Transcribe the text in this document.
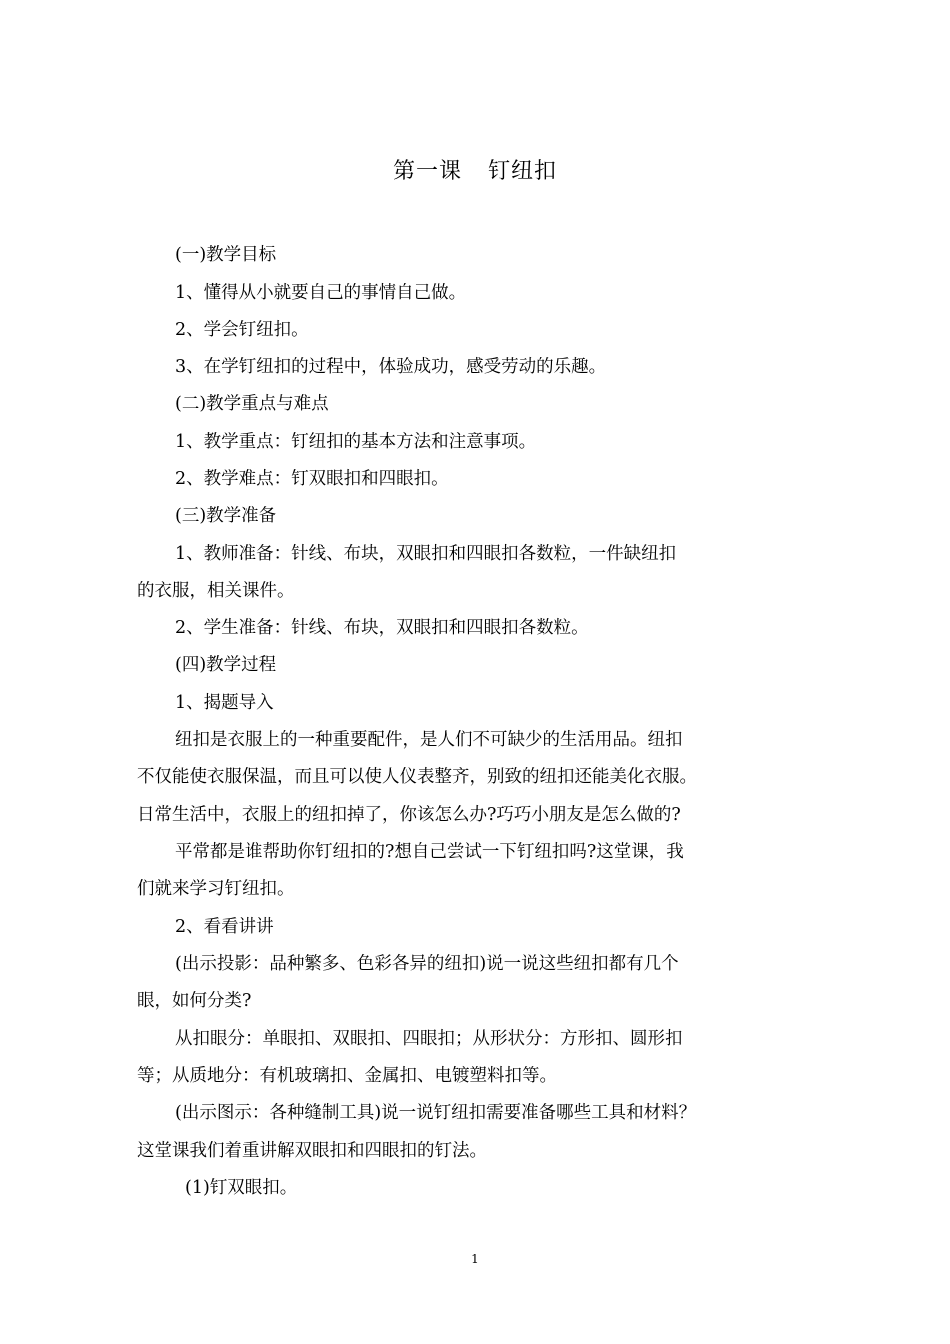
第一课 钉纽扣
(一)教学目标
1、懂得从小就要自己的事情自己做。
2、学会钉纽扣。
3、在学钉纽扣的过程中，体验成功，感受劳动的乐趣。
(二)教学重点与难点
1、教学重点：钉纽扣的基本方法和注意事项。
2、教学难点：钉双眼扣和四眼扣。
(三)教学准备
1、教师准备：针线、布块，双眼扣和四眼扣各数粒，一件缺纽扣
的衣服，相关课件。
2、学生准备：针线、布块，双眼扣和四眼扣各数粒。
(四)教学过程
1、揭题导入
纽扣是衣服上的一种重要配件，是人们不可缺少的生活用品。纽扣
不仅能使衣服保温，而且可以使人仪表整齐，别致的纽扣还能美化衣服。
日常生活中，衣服上的纽扣掉了，你该怎么办?巧巧小朋友是怎么做的?
平常都是谁帮助你钉纽扣的?想自己尝试一下钉纽扣吗?这堂课，我
们就来学习钉纽扣。
2、看看讲讲
(出示投影：品种繁多、色彩各异的纽扣)说一说这些纽扣都有几个
眼，如何分类?
从扣眼分：单眼扣、双眼扣、四眼扣；从形状分：方形扣、圆形扣
等；从质地分：有机玻璃扣、金属扣、电镀塑料扣等。
(出示图示：各种缝制工具)说一说钉纽扣需要准备哪些工具和材料？
这堂课我们着重讲解双眼扣和四眼扣的钉法。
(1)钉双眼扣。
1
